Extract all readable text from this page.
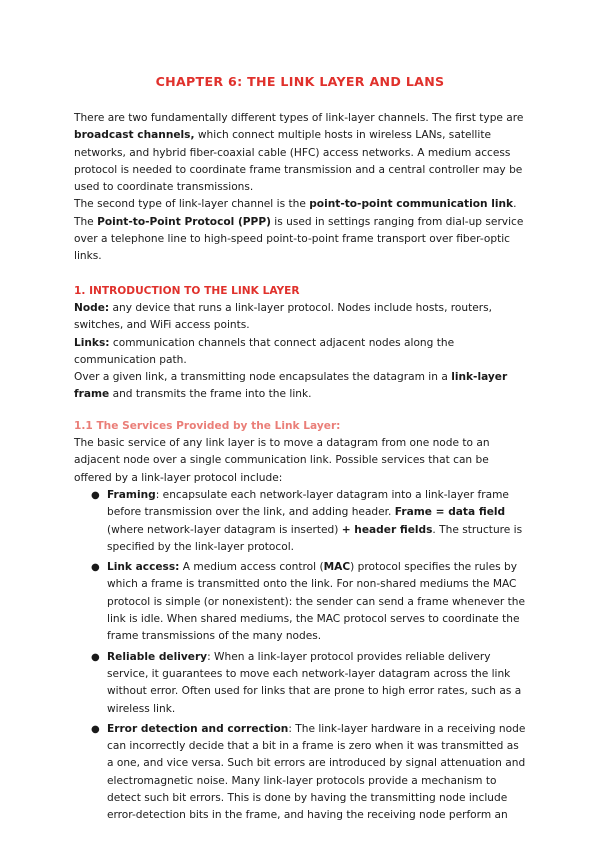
CHAPTER 6: THE LINK LAYER AND LANS

There are two fundamentally different types of link-layer channels. The first type are broadcast channels, which connect multiple hosts in wireless LANs, satellite networks, and hybrid fiber-coaxial cable (HFC) access networks. A medium access protocol is needed to coordinate frame transmission and a central controller may be used to coordinate transmissions.

The second type of link-layer channel is the point-to-point communication link.

The Point-to-Point Protocol (PPP) is used in settings ranging from dial-up service over a telephone line to high-speed point-to-point frame transport over fiber-optic links.

1. INTRODUCTION TO THE LINK LAYER

Node: any device that runs a link-layer protocol. Nodes include hosts, routers, switches, and WiFi access points.

Links: communication channels that connect adjacent nodes along the communication path.

Over a given link, a transmitting node encapsulates the datagram in a link-layer frame and transmits the frame into the link.

1.1 The Services Provided by the Link Layer:

The basic service of any link layer is to move a datagram from one node to an adjacent node over a single communication link. Possible services that can be offered by a link-layer protocol include:

● Framing: encapsulate each network-layer datagram into a link-layer frame before transmission over the link, and adding header. Frame = data field (where network-layer datagram is inserted) + header fields. The structure is specified by the link-layer protocol.
● Link access: A medium access control (MAC) protocol specifies the rules by which a frame is transmitted onto the link. For non-shared mediums the MAC protocol is simple (or nonexistent): the sender can send a frame whenever the link is idle. When shared mediums, the MAC protocol serves to coordinate the frame transmissions of the many nodes.
● Reliable delivery: When a link-layer protocol provides reliable delivery service, it guarantees to move each network-layer datagram across the link without error. Often used for links that are prone to high error rates, such as a wireless link.
● Error detection and correction: The link-layer hardware in a receiving node can incorrectly decide that a bit in a frame is zero when it was transmitted as a one, and vice versa. Such bit errors are introduced by signal attenuation and electromagnetic noise. Many link-layer protocols provide a mechanism to detect such bit errors. This is done by having the transmitting node include error-detection bits in the frame, and having the receiving node perform an
